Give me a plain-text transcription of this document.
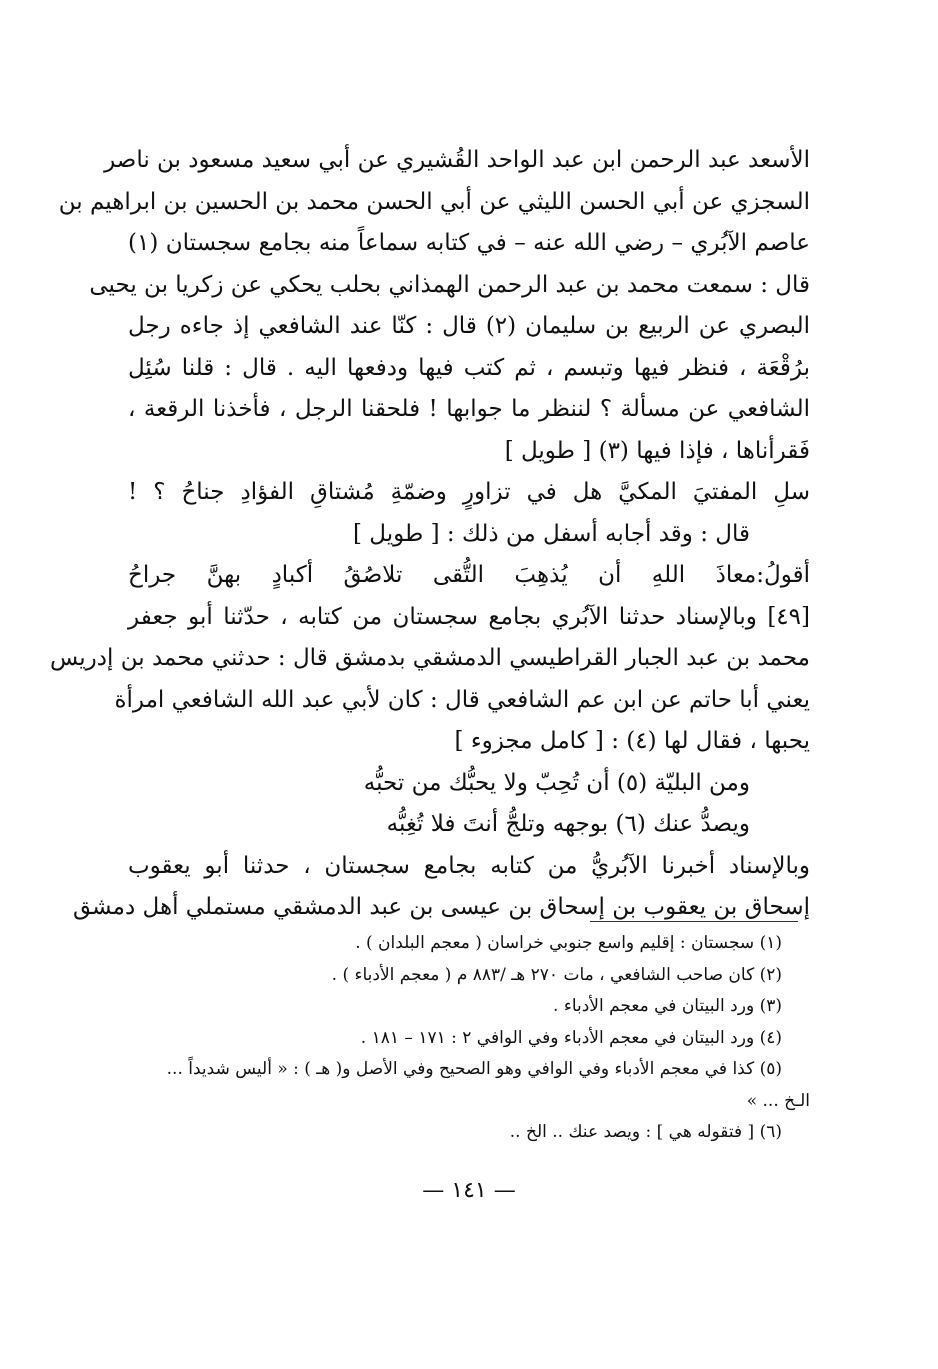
الأسعد عبد الرحمن ابن عبد الواحد القُشيري عن أبي سعيد مسعود بن ناصر
السجزي عن أبي الحسن الليثي عن أبي الحسن محمد بن الحسين بن ابراهيم بن
عاصم الآبُري – رضي الله عنه – في كتابه سماعاً منه بجامع سجستان (١)
قال : سمعت محمد بن عبد الرحمن الهمذاني بحلب يحكي عن زكريا بن يحيى
البصري عن الربيع بن سليمان (٢) قال : كنّا عند الشافعي إذ جاءه رجل
برُقْعَة ، فنظر فيها وتبسم ، ثم كتب فيها ودفعها اليه . قال : قلنا سُئِل
الشافعي عن مسألة ؟ لننظر ما جوابها ! فلحقنا الرجل ، فأخذنا الرقعة ،
فَقرأناها ، فإذا فيها (٣) [ طويل ]
سلِ المفتيَ المكيَّ هل في تزاورٍ وضمّةِ مُشتاقِ الفؤادِ جناحُ ؟ !
قال : وقد أجابه أسفل من ذلك : [ طويل ]
أقولُ:معاذَ اللهِ أن يُذهِبَ التُّقى تلاصُقُ أكبادٍ بهنَّ جراحُ
[٤٩] وبالإسناد حدثنا الآبُري بجامع سجستان من كتابه ، حدّثنا أبو جعفر
محمد بن عبد الجبار القراطيسي الدمشقي بدمشق قال : حدثني محمد بن إدريس
يعني أبا حاتم عن ابن عم الشافعي قال : كان لأبي عبد الله الشافعي امرأة
يحبها ، فقال لها (٤) : [ كامل مجزوء ]
ومن البليّة (٥) أن تُحِبّ ولا يحبُّك من تحبُّه
ويصدُّ عنك (٦) بوجهه وتلجُّ أنتَ فلا تُغِبُّه
وبالإسناد أخبرنا الآبُريُّ من كتابه بجامع سجستان ، حدثنا أبو يعقوب
إسحاق بن يعقوب بن إسحاق بن عيسى بن عبد الدمشقي مستملي أهل دمشق
(١) سجستان : إقليم واسع جنوبي خراسان ( معجم البلدان ) .
(٢) كان صاحب الشافعي ، مات ٢٧٠ هـ /٨٨٣ م ( معجم الأدباء ) .
(٣) ورد البيتان في معجم الأدباء .
(٤) ورد البيتان في معجم الأدباء وفي الوافي ٢ : ١٧١ – ١٨١ .
(٥) كذا في معجم الأدباء وفي الوافي وهو الصحيح وفي الأصل و( هـ ) : « أليس شديداً ...
الـخ ... »
(٦) [ فتقوله هي ] : ويصد عنك .. الخ ..
— ١٤١ —
